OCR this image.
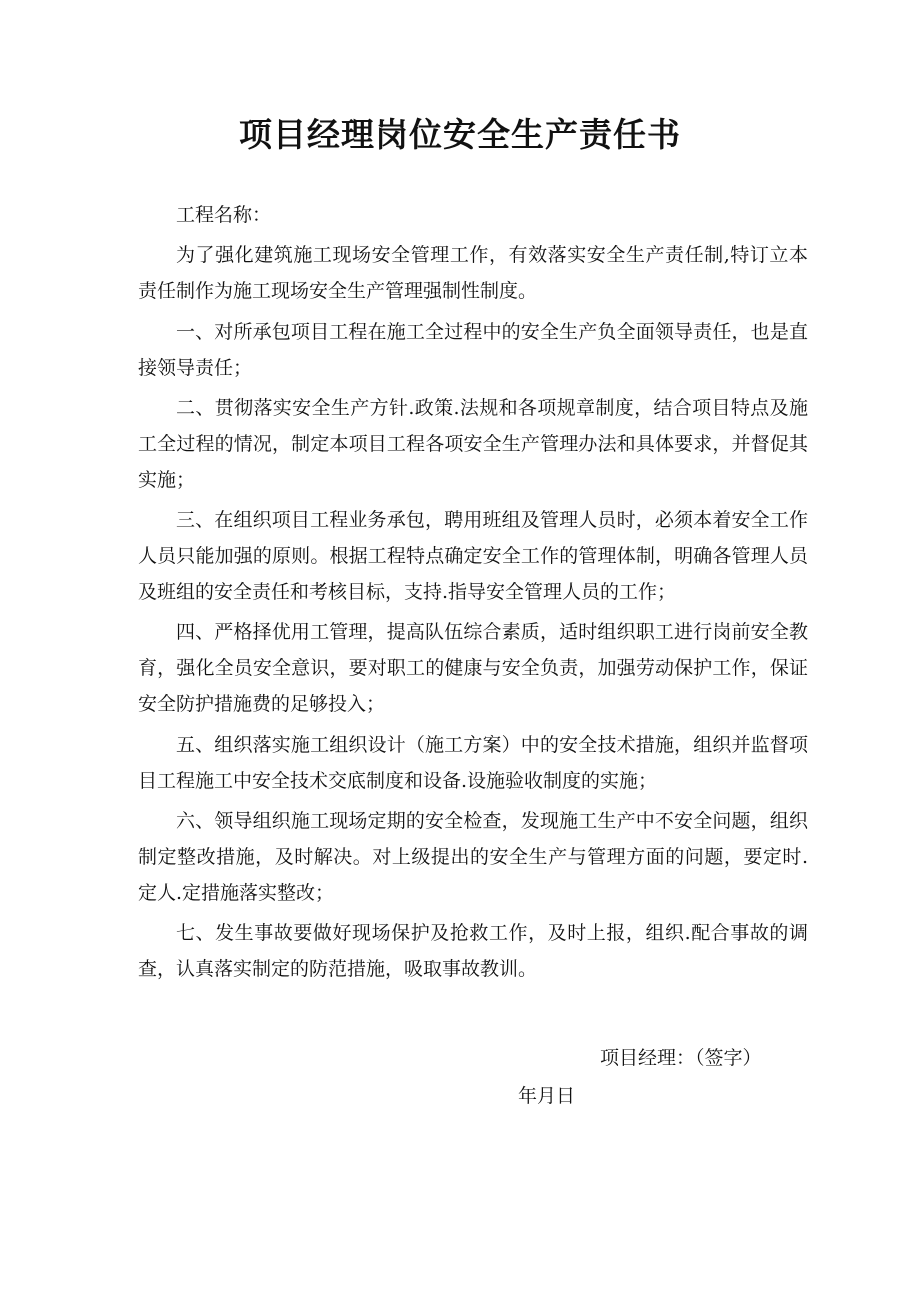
项目经理岗位安全生产责任书

工程名称：

为了强化建筑施工现场安全管理工作，有效落实安全生产责任制,特订立本责任制作为施工现场安全生产管理强制性制度。

一、对所承包项目工程在施工全过程中的安全生产负全面领导责任，也是直接领导责任；

二、贯彻落实安全生产方针.政策.法规和各项规章制度，结合项目特点及施工全过程的情况，制定本项目工程各项安全生产管理办法和具体要求，并督促其实施；

三、在组织项目工程业务承包，聘用班组及管理人员时，必须本着安全工作人员只能加强的原则。根据工程特点确定安全工作的管理体制，明确各管理人员及班组的安全责任和考核目标，支持.指导安全管理人员的工作；

四、严格择优用工管理，提高队伍综合素质，适时组织职工进行岗前安全教育，强化全员安全意识，要对职工的健康与安全负责，加强劳动保护工作，保证安全防护措施费的足够投入；

五、组织落实施工组织设计（施工方案）中的安全技术措施，组织并监督项目工程施工中安全技术交底制度和设备.设施验收制度的实施；

六、领导组织施工现场定期的安全检查，发现施工生产中不安全问题，组织制定整改措施，及时解决。对上级提出的安全生产与管理方面的问题，要定时.定人.定措施落实整改；

七、发生事故要做好现场保护及抢救工作，及时上报，组织.配合事故的调查，认真落实制定的防范措施，吸取事故教训。

项目经理：（签字）
年月日
